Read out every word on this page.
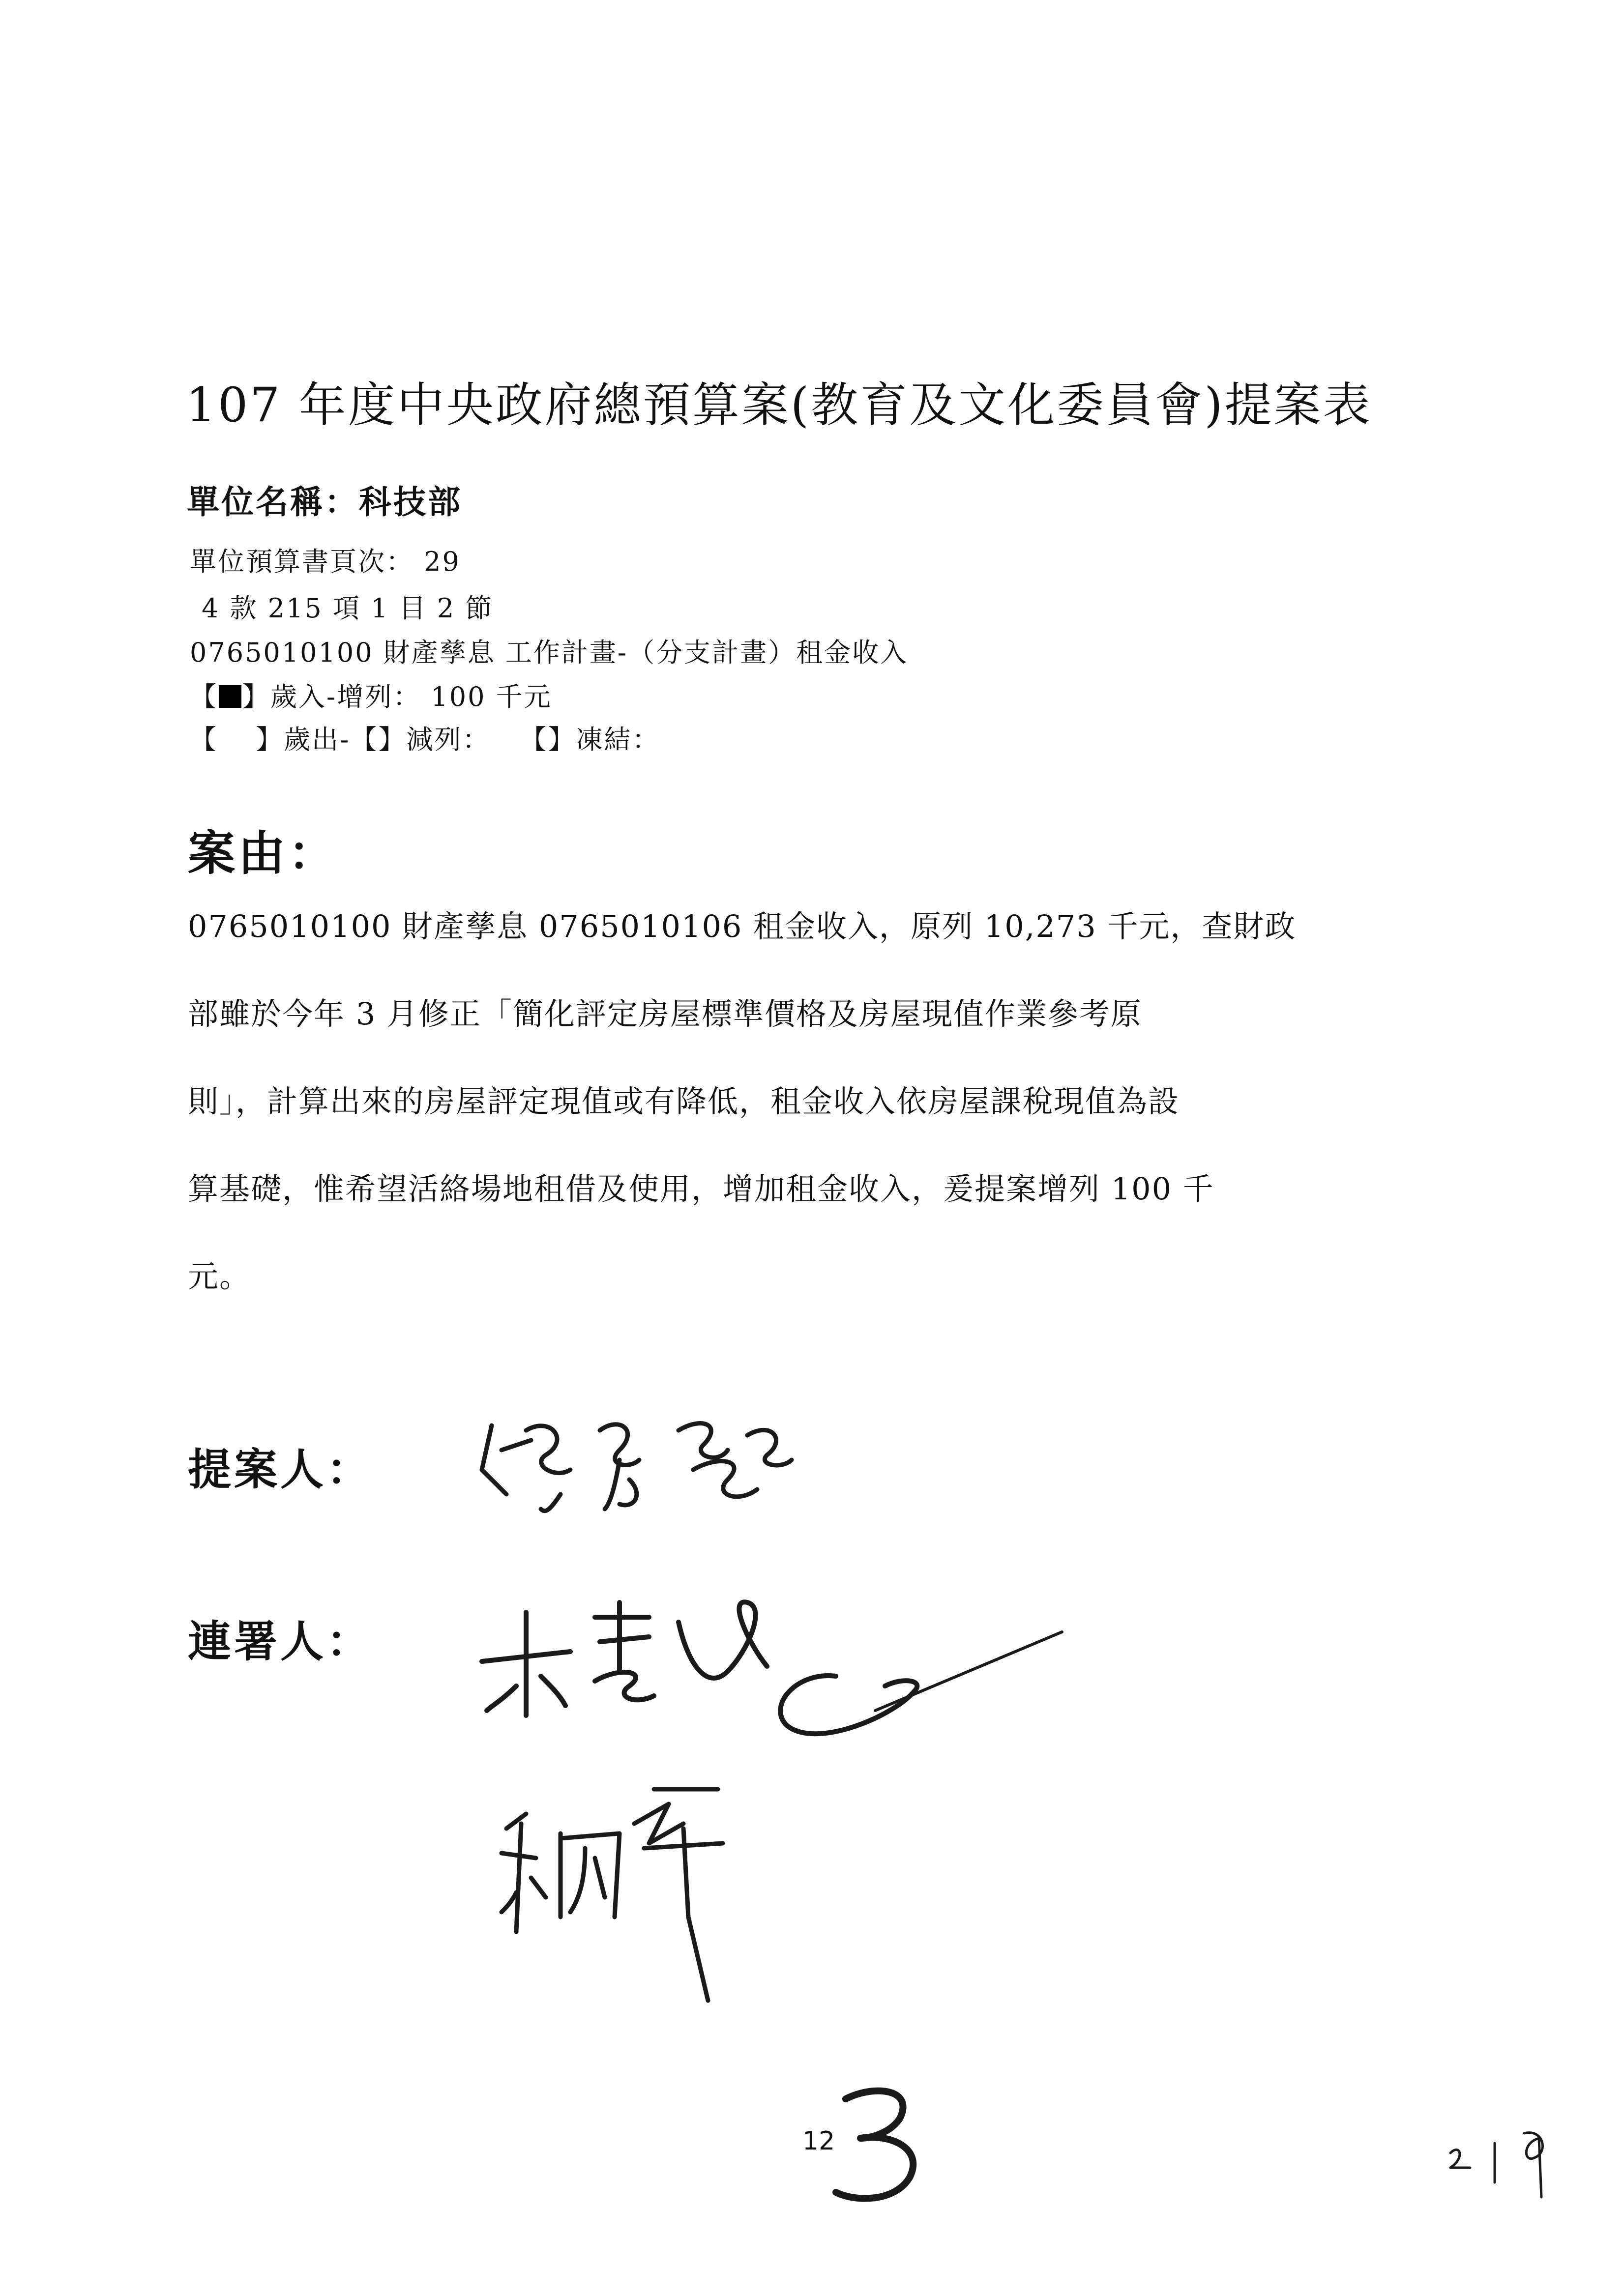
107 年度中央政府總預算案(教育及文化委員會)提案表
單位名稱：科技部
單位預算書頁次： 29
4 款 215 項 1 目 2 節
0765010100 財產孳息 工作計畫-（分支計畫）租金收入
【 】歲入-增列： 100 千元
【　 】歲出-【】減列：　　【】凍結：
案由：
0765010100 財產孳息 0765010106 租金收入，原列 10,273 千元，查財政
部雖於今年 3 月修正「簡化評定房屋標準價格及房屋現值作業參考原
則」，計算出來的房屋評定現值或有降低，租金收入依房屋課稅現值為設
算基礎，惟希望活絡場地租借及使用，增加租金收入，爰提案增列 100 千
元。
提案人：
連署人：
12
